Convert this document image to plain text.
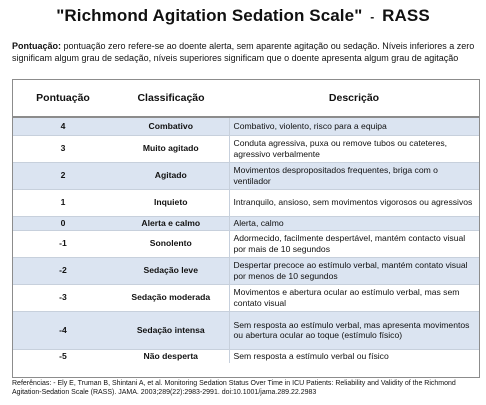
"Richmond Agitation Sedation Scale" - RASS
Pontuação: pontuação zero refere-se ao doente alerta, sem aparente agitação ou sedação. Níveis inferiores a zero significam algum grau de sedação, níveis superiores significam que o doente apresenta algum grau de agitação
Pontuação	Classificação	Descrição
4	Combativo	Combativo, violento, risco para a equipa
3	Muito agitado	Conduta agressiva, puxa ou remove tubos ou cateteres, agressivo verbalmente
2	Agitado	Movimentos despropositados frequentes, briga com o ventilador
1	Inquieto	Intranquilo, ansioso, sem movimentos vigorosos ou agressivos
0	Alerta e calmo	Alerta, calmo
-1	Sonolento	Adormecido, facilmente despertável, mantém contacto visual por mais de 10 segundos
-2	Sedação leve	Despertar precoce ao estímulo verbal, mantém contato visual por menos de 10 segundos
-3	Sedação moderada	Movimentos e abertura ocular ao estímulo verbal, mas sem contato visual
-4	Sedação intensa	Sem resposta ao estímulo verbal, mas apresenta movimentos ou abertura ocular ao toque (estímulo físico)
-5	Não desperta	Sem resposta a estímulo verbal ou físico
Referências: - Ely E, Truman B, Shintani A, et al. Monitoring Sedation Status Over Time in ICU Patients: Reliability and Validity of the Richmond Agitation-Sedation Scale (RASS). JAMA. 2003;289(22):2983-2991. doi:10.1001/jama.289.22.2983
